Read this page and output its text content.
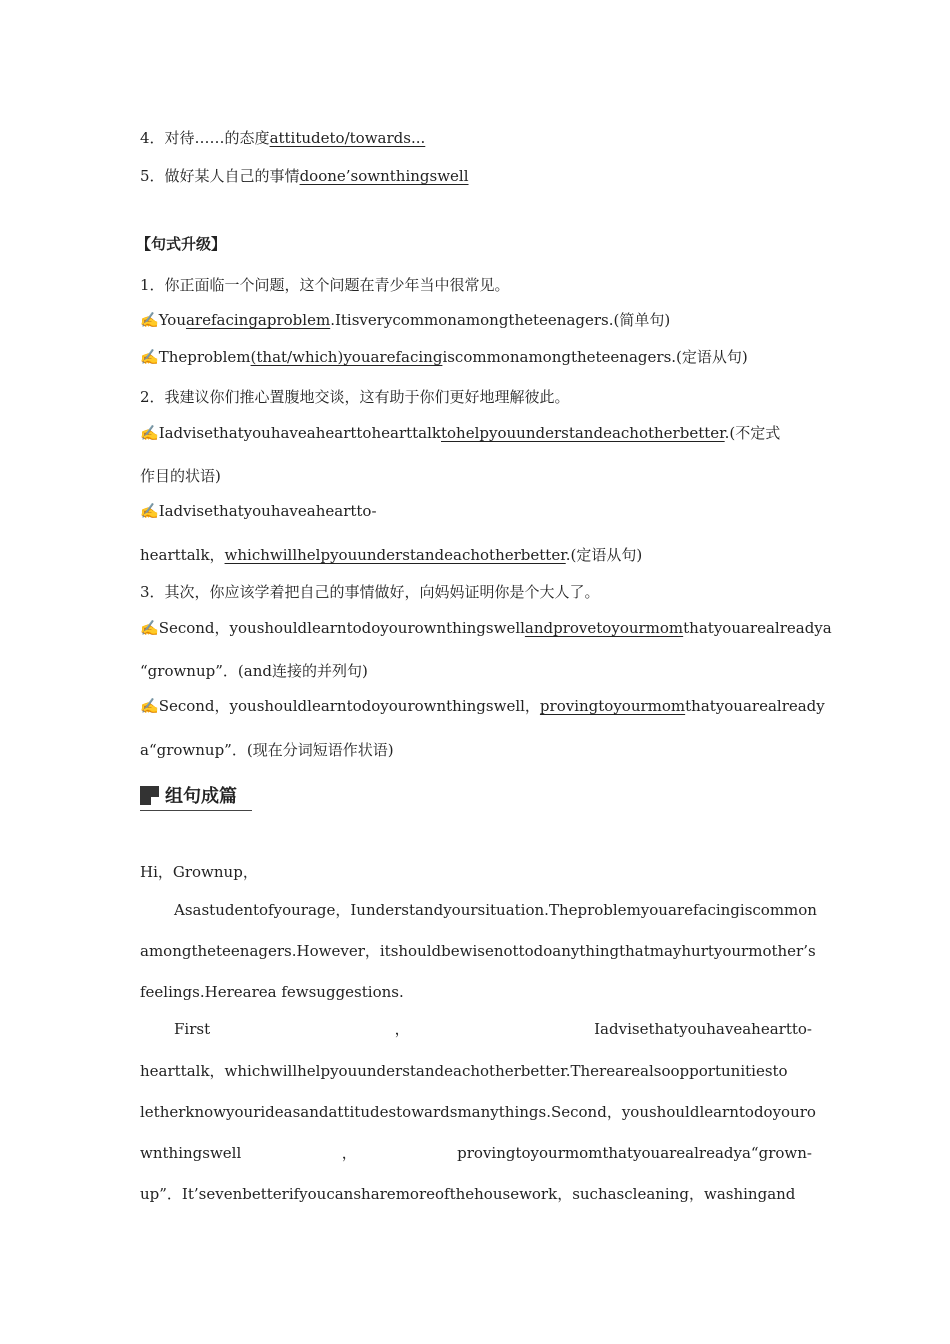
4．对待……的态度attitudeto/towards...
5．做好某人自己的事情doone’sownthingswell
【句式升级】
1．你正面临一个问题，这个问题在青少年当中很常见。
✍Youarefacingaproblem.Itisverycommonamongtheteenagers.(简单句)
✍Theproblem(that/which)youarefacingiscommonamongtheteenagers.(定语从句)
2．我建议你们推心置腹地交谈，这有助于你们更好地理解彼此。
✍Iadvisethatyouhaveahearttohearttalktohelpyouunderstandeachotherbetter.(不定式
作目的状语)
✍Iadvisethatyouhaveaheartto-
hearttalk，whichwillhelpyouunderstandeachotherbetter.(定语从句)
3．其次，你应该学着把自己的事情做好，向妈妈证明你是个大人了。
✍Second，youshouldlearntodoyourownthingswellandprovetoyourmomthatyouarealreadya
“grownup”．(and连接的并列句)
✍Second，youshouldlearntodoyourownthingswell，provingtoyourmomthatyouarealready
a“grownup”．(现在分词短语作状语)
组句成篇
Hi，Grownup，
Asastudentofyourage，Iunderstandyoursituation.Theproblemyouarefacingiscommon
amongtheteenagers.However，itshouldbewisenottodoanythingthatmayhurtyourmother’s
feelings.Herearea fewsuggestions.
First	，	Iadvisethatyouhaveaheartto-
hearttalk，whichwillhelpyouunderstandeachotherbetter.Therearealsoopportunitiesto
letherknowyourideasandattitudestowardsmanythings.Second，youshouldlearntodoyouro
wnthingswell	，	provingtoyourmomthatyouarealreadya“grown-
up”．It’sevenbetterifyoucansharemoreofthehousework，suchascleaning，washingand
